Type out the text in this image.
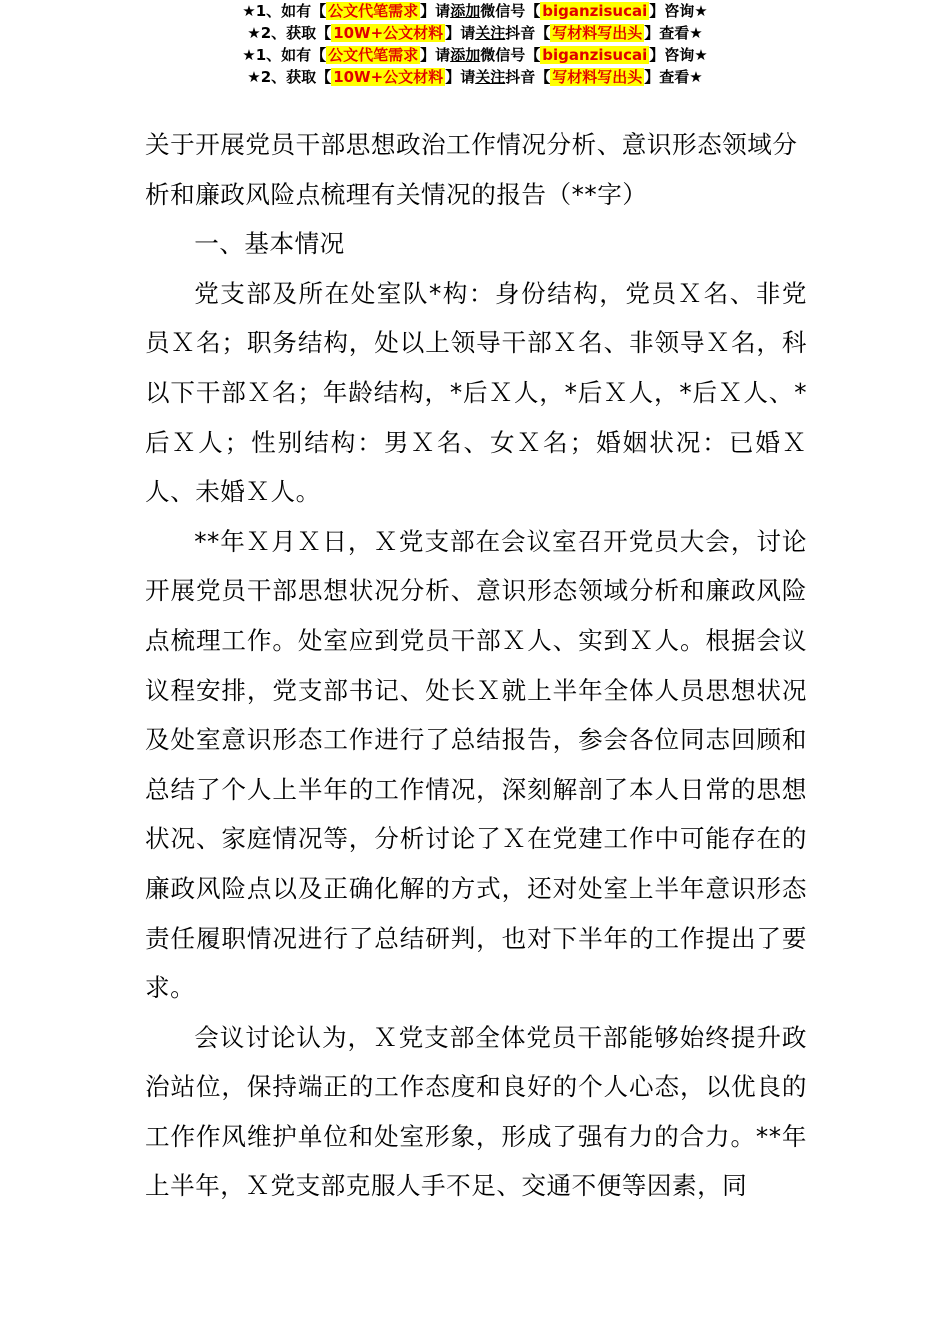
★1、如有【 公文代笔需求 】请添加微信号【 biganzisucai 】咨询★
★2、获取【 10W+公文材料 】请关注抖音【 写材料写出头 】查看★

关于开展党员干部思想政治工作情况分析、意识形态领域分析和廉政风险点梳理有关情况的报告（**字）

一、基本情况

党支部及所在处室队*构：身份结构，党员Ｘ名、非党员Ｘ名；职务结构，处以上领导干部Ｘ名、非领导Ｘ名，科以下干部Ｘ名；年龄结构，*后Ｘ人，*后Ｘ人，*后Ｘ人、*后Ｘ人；性别结构：男Ｘ名、女Ｘ名；婚姻状况：已婚Ｘ人、未婚Ｘ人。

**年Ｘ月Ｘ日，Ｘ党支部在会议室召开党员大会，讨论开展党员干部思想状况分析、意识形态领域分析和廉政风险点梳理工作。处室应到党员干部Ｘ人、实到Ｘ人。根据会议议程安排，党支部书记、处长Ｘ就上半年全体人员思想状况及处室意识形态工作进行了总结报告，参会各位同志回顾和总结了个人上半年的工作情况，深刻解剖了本人日常的思想状况、家庭情况等，分析讨论了Ｘ在党建工作中可能存在的廉政风险点以及正确化解的方式，还对处室上半年意识形态责任履职情况进行了总结研判，也对下半年的工作提出了要求。

会议讨论认为，Ｘ党支部全体党员干部能够始终提升政治站位，保持端正的工作态度和良好的个人心态，以优良的工作作风维护单位和处室形象，形成了强有力的合力。**年上半年，Ｘ党支部克服人手不足、交通不便等因素，同

★1、如有【 公文代笔需求 】请添加微信号【 biganzisucai 】咨询★
★2、获取【 10W+公文材料 】请关注抖音【 写材料写出头 】查看★
